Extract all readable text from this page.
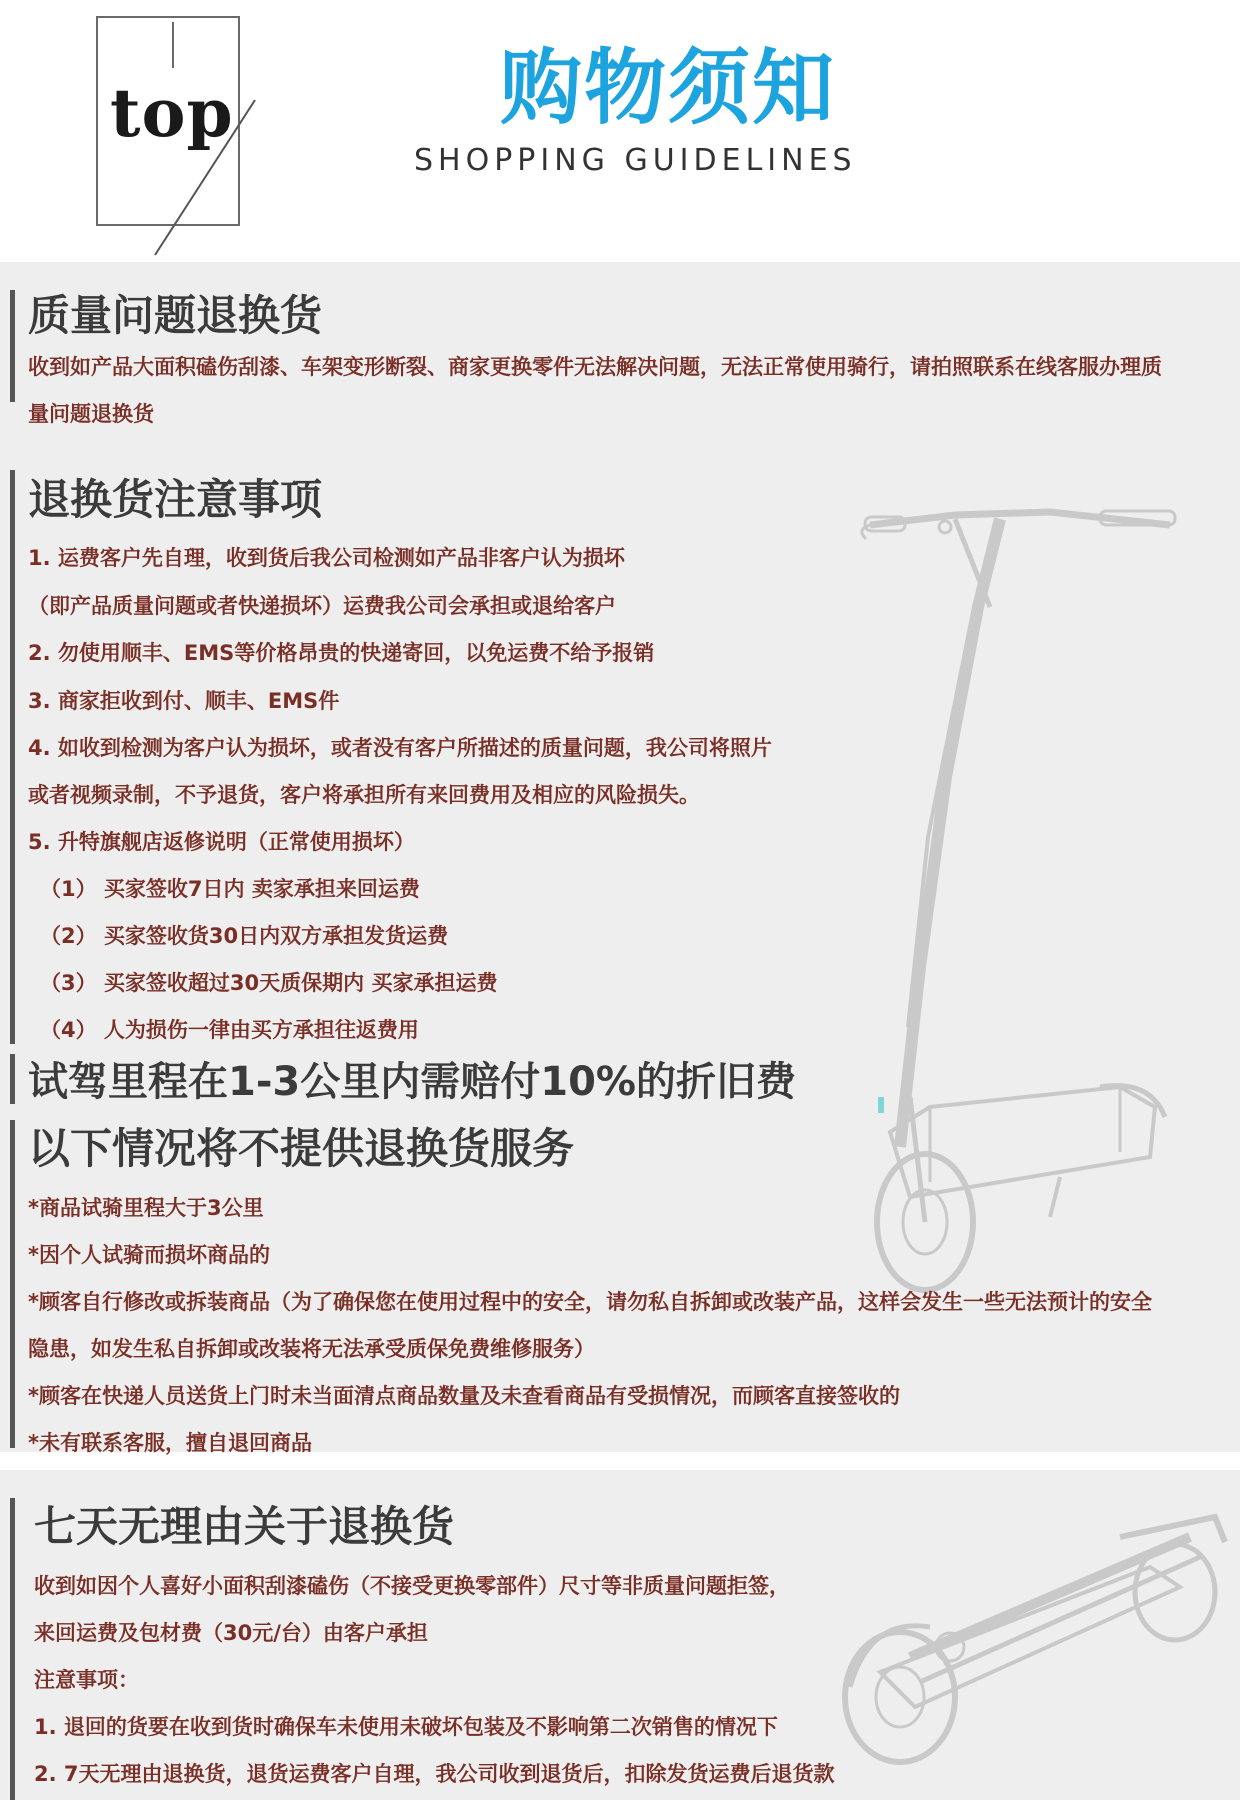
top	购物须知
SHOPPING GUIDELINES
质量问题退换货
收到如产品大面积磕伤刮漆、车架变形断裂、商家更换零件无法解决问题，无法正常使用骑行，请拍照联系在线客服办理质
量问题退换货
退换货注意事项
1. 运费客户先自理，收到货后我公司检测如产品非客户认为损坏
（即产品质量问题或者快递损坏）运费我公司会承担或退给客户
2. 勿使用顺丰、EMS等价格昂贵的快递寄回，以免运费不给予报销
3. 商家拒收到付、顺丰、EMS件
4. 如收到检测为客户认为损坏，或者没有客户所描述的质量问题，我公司将照片
或者视频录制，不予退货，客户将承担所有来回费用及相应的风险损失。
5. 升特旗舰店返修说明（正常使用损坏）
（1） 买家签收7日内 卖家承担来回运费
（2） 买家签收货30日内双方承担发货运费
（3） 买家签收超过30天质保期内 买家承担运费
（4） 人为损伤一律由买方承担往返费用
试驾里程在1-3公里内需赔付10%的折旧费
以下情况将不提供退换货服务
*商品试骑里程大于3公里
*因个人试骑而损坏商品的
*顾客自行修改或拆装商品（为了确保您在使用过程中的安全，请勿私自拆卸或改装产品，这样会发生一些无法预计的安全
隐患，如发生私自拆卸或改装将无法承受质保免费维修服务）
*顾客在快递人员送货上门时未当面清点商品数量及未查看商品有受损情况，而顾客直接签收的
*未有联系客服，擅自退回商品
七天无理由关于退换货
收到如因个人喜好小面积刮漆磕伤（不接受更换零部件）尺寸等非质量问题拒签，
来回运费及包材费（30元/台）由客户承担
注意事项：
1. 退回的货要在收到货时确保车未使用未破坏包装及不影响第二次销售的情况下
2. 7天无理由退换货，退货运费客户自理，我公司收到退货后，扣除发货运费后退货款
